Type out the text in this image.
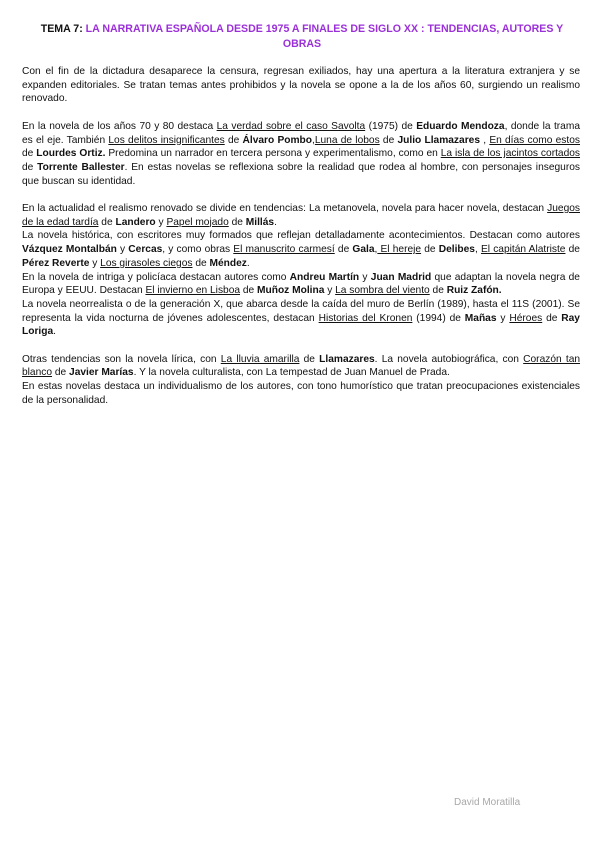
TEMA 7: LA NARRATIVA ESPAÑOLA DESDE 1975 A FINALES DE SIGLO XX : TENDENCIAS, AUTORES Y OBRAS

Con el fin de la dictadura desaparece la censura, regresan exiliados, hay una apertura a la literatura extranjera y se expanden editoriales. Se tratan temas antes prohibidos y la novela se opone a la de los años 60, surgiendo un realismo renovado.

En la novela de los años 70 y 80 destaca La verdad sobre el caso Savolta (1975) de Eduardo Mendoza, donde la trama es el eje. También Los delitos insignificantes de Álvaro Pombo,Luna de lobos de Julio Llamazares , En días como estos de Lourdes Ortiz. Predomina un narrador en tercera persona y experimentalismo, como en La isla de los jacintos cortados de Torrente Ballester. En estas novelas se reflexiona sobre la realidad que rodea al hombre, con personajes inseguros que buscan su identidad.

En la actualidad el realismo renovado se divide en tendencias: La metanovela, novela para hacer novela, destacan Juegos de la edad tardía de Landero y Papel mojado de Millás.

La novela histórica, con escritores muy formados que reflejan detalladamente acontecimientos. Destacan como autores Vázquez Montalbán y Cercas, y como obras El manuscrito carmesí de Gala, El hereje de Delibes, El capitán Alatriste de Pérez Reverte y Los girasoles ciegos de Méndez.

En la novela de intriga y policíaca destacan autores como Andreu Martín y Juan Madrid que adaptan la novela negra de Europa y EEUU. Destacan El invierno en Lisboa de Muñoz Molina y La sombra del viento de Ruiz Zafón.

La novela neorrealista o de la generación X, que abarca desde la caída del muro de Berlín (1989), hasta el 11S (2001). Se representa la vida nocturna de jóvenes adolescentes, destacan Historias del Kronen (1994) de Mañas y Héroes de Ray Loriga.

Otras tendencias son la novela lírica, con La lluvia amarilla de Llamazares. La novela autobiográfica, con Corazón tan blanco de Javier Marías. Y la novela culturalista, con La tempestad de Juan Manuel de Prada.

En estas novelas destaca un individualismo de los autores, con tono humorístico que tratan preocupaciones existenciales de la personalidad.

David Moratilla
